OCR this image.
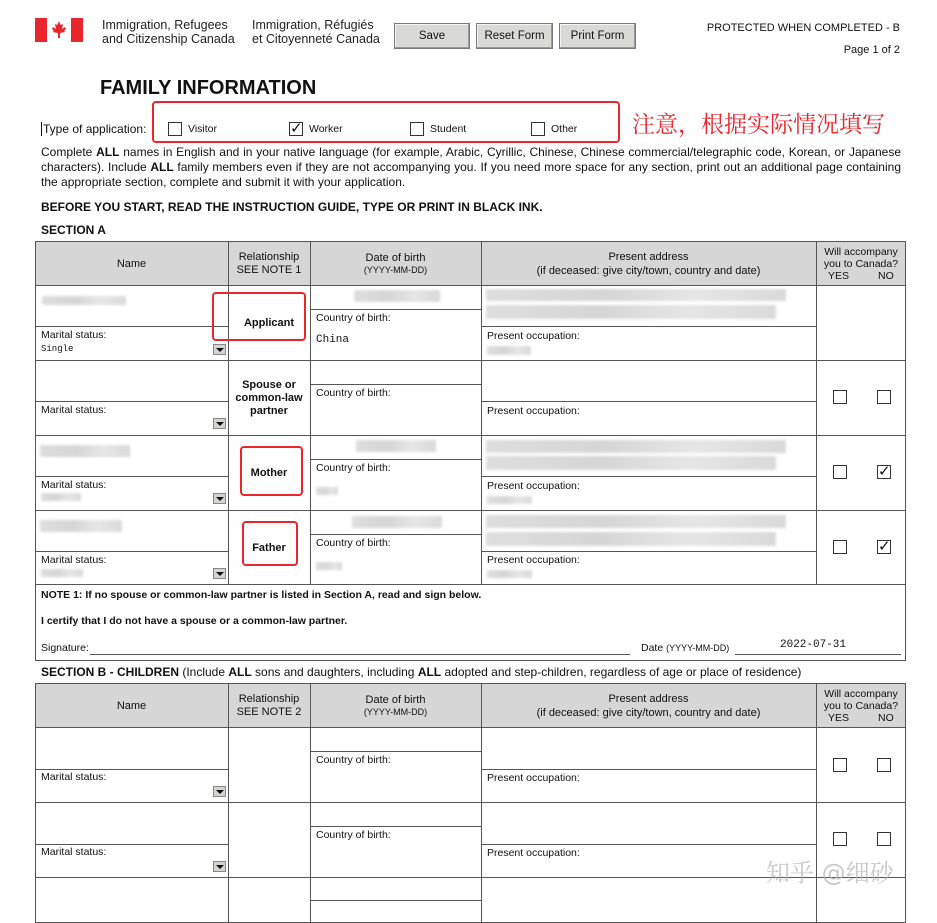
Immigration, Refugees
and Citizenship Canada
Immigration, Réfugiés
et Citoyenneté Canada	Save	Reset Form	Print Form
PROTECTED WHEN COMPLETED - B
Page 1 of 2
FAMILY INFORMATION
Type of application:	Visitor
✓	Worker	Student	Other 注意，根据实际情况填写
Complete ALL names in English and in your native language (for example, Arabic, Cyrillic, Chinese, Chinese commercial/telegraphic code, Korean, or Japanese characters). Include ALL family members even if they are not accompanying you. If you need more space for any section, print out an additional page containing the appropriate section, complete and submit it with your application.
BEFORE YOU START, READ THE INSTRUCTION GUIDE, TYPE OR PRINT IN BLACK INK.
SECTION A
Name
Relationship
SEE NOTE 1
Date of birth
(YYYY-MM-DD)
Present address
(if deceased: give city/town, country and date)
Will accompany
you to Canada?
YES	NO
Marital status:
Single
Applicant Country of birth:
China	Present occupation:
Marital status:
Spouse or
common-law
partner
Country of birth:
Present occupation:
Marital status:
Mother	Country of birth:
Present occupation:
✓
Marital status:
Father	Country of birth:
Present occupation:
✓
NOTE 1: If no spouse or common-law partner is listed in Section A, read and sign below.
I certify that I do not have a spouse or a common-law partner.
Signature:	Date (YYYY-MM-DD)	2022-07-31
SECTION B - CHILDREN (Include ALL sons and daughters, including ALL adopted and step-children, regardless of age or place of residence)
Name
Relationship
SEE NOTE 2
Date of birth
(YYYY-MM-DD)
Present address
(if deceased: give city/town, country and date)
Will accompany
you to Canada?
YES	NO
Marital status:
Country of birth:
Present occupation:
Marital status:
Country of birth:
Present occupation:
知乎 @细砂
